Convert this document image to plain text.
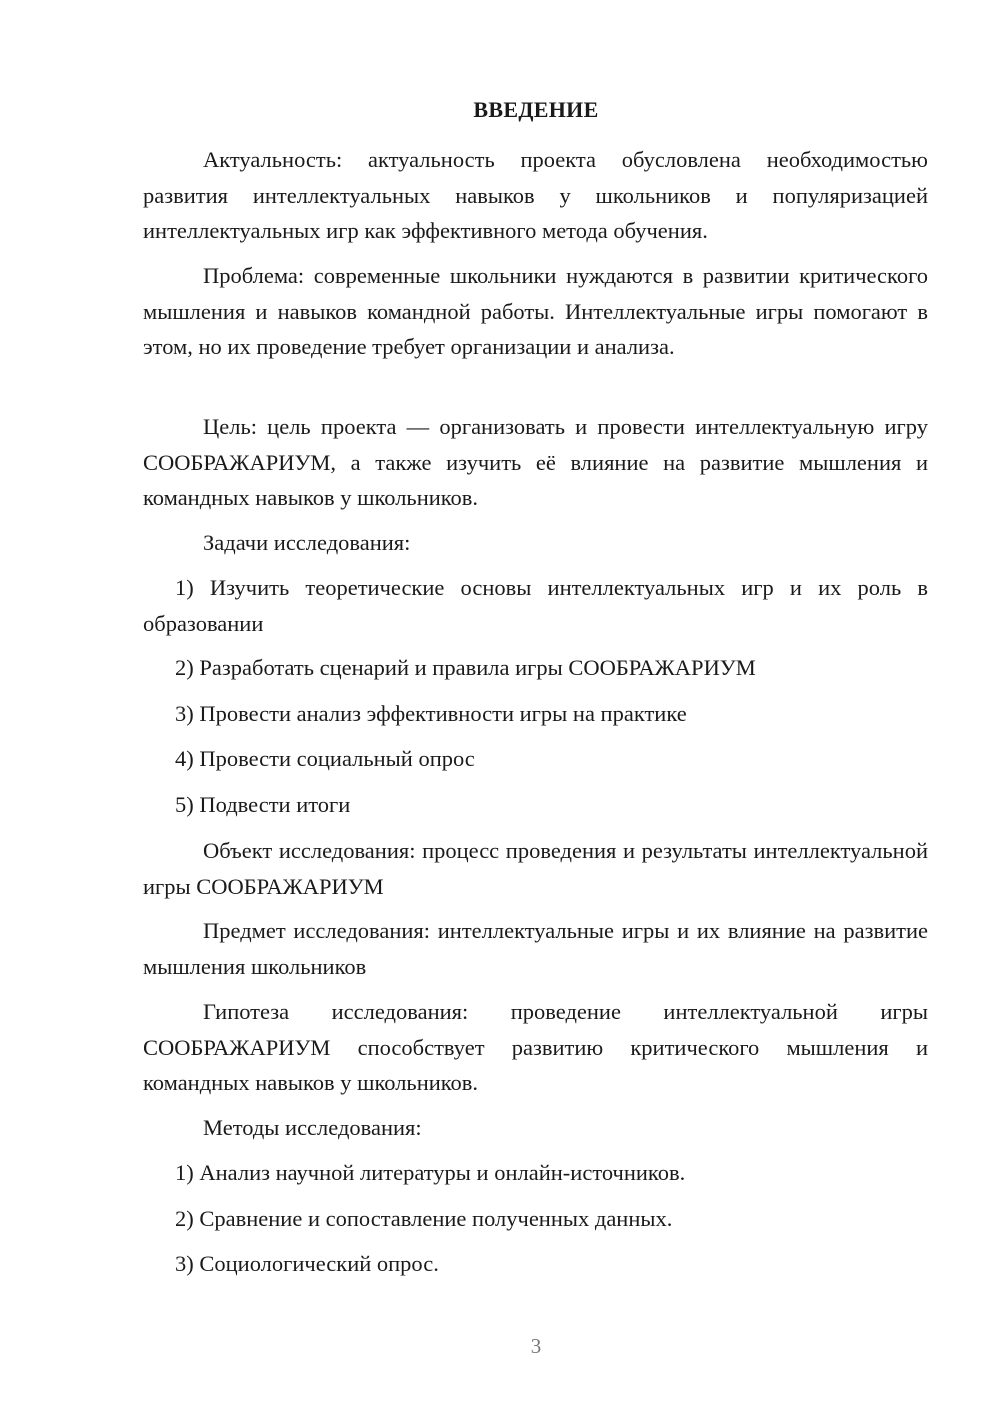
ВВЕДЕНИЕ

Актуальность: актуальность проекта обусловлена необходимостью развития интеллектуальных навыков у школьников и популяризацией интеллектуальных игр как эффективного метода обучения.

Проблема: современные школьники нуждаются в развитии критического мышления и навыков командной работы. Интеллектуальные игры помогают в этом, но их проведение требует организации и анализа.

Цель: цель проекта — организовать и провести интеллектуальную игру СООБРАЖАРИУМ, а также изучить её влияние на развитие мышления и командных навыков у школьников.

Задачи исследования:

1) Изучить теоретические основы интеллектуальных игр и их роль в образовании

2) Разработать сценарий и правила игры СООБРАЖАРИУМ

3) Провести анализ эффективности игры на практике

4) Провести социальный опрос

5) Подвести итоги

Объект исследования: процесс проведения и результаты интеллектуальной игры СООБРАЖАРИУМ

Предмет исследования: интеллектуальные игры и их влияние на развитие мышления школьников

Гипотеза исследования: проведение интеллектуальной игры СООБРАЖАРИУМ способствует развитию критического мышления и командных навыков у школьников.

Методы исследования:

1) Анализ научной литературы и онлайн-источников.

2) Сравнение и сопоставление полученных данных.

3) Социологический опрос.

3
